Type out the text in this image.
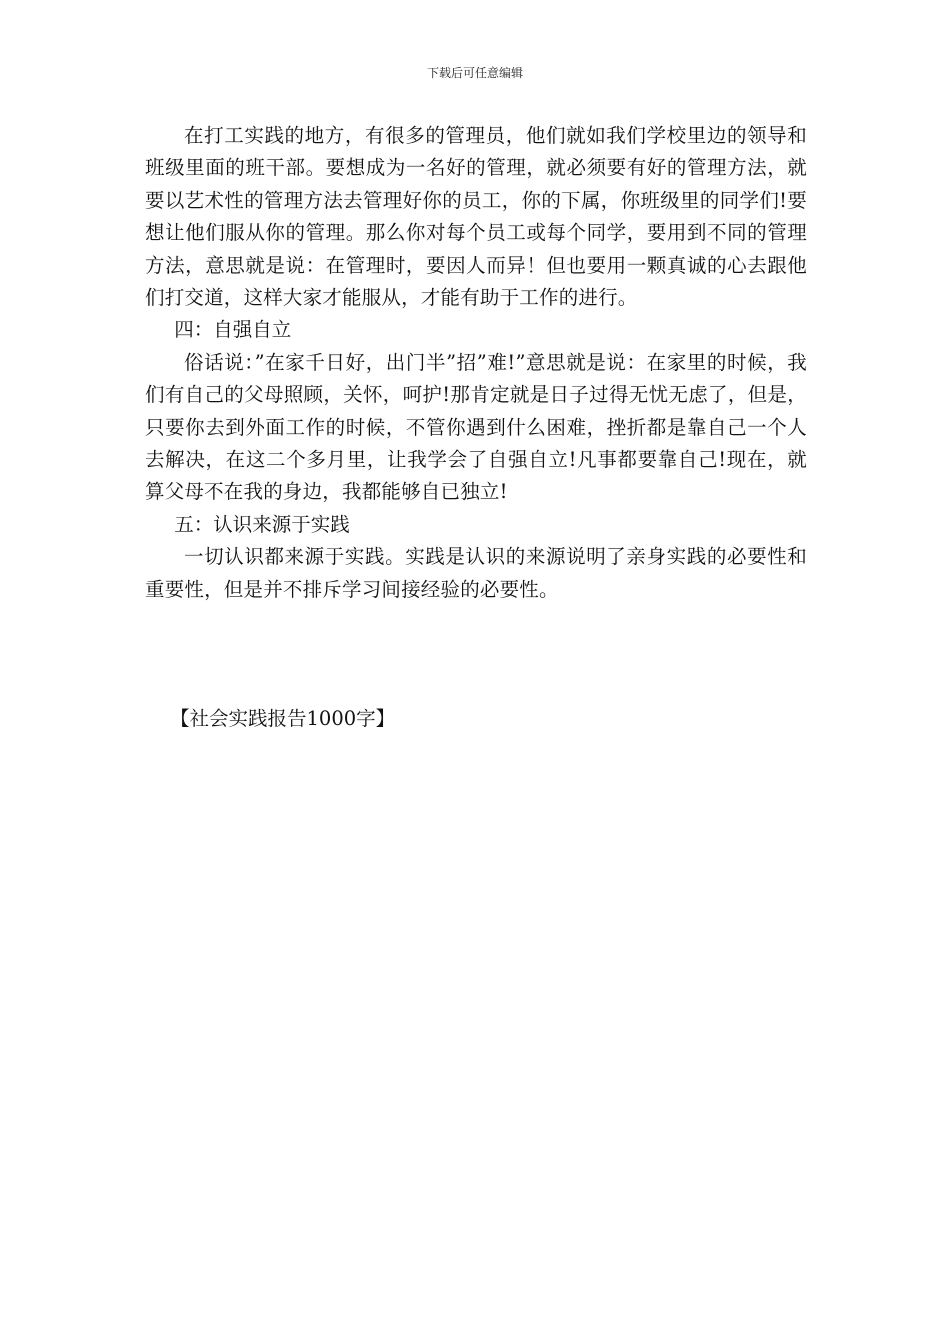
下载后可任意编辑

在打工实践的地方，有很多的管理员，他们就如我们学校里边的领导和班级里面的班干部。要想成为一名好的管理，就必须要有好的管理方法，就要以艺术性的管理方法去管理好你的员工，你的下属，你班级里的同学们!要想让他们服从你的管理。那么你对每个员工或每个同学，要用到不同的管理方法，意思就是说：在管理时，要因人而异！但也要用一颗真诚的心去跟他们打交道，这样大家才能服从，才能有助于工作的进行。

四：自强自立

俗话说：”在家千日好，出门半”招”难!”意思就是说：在家里的时候，我们有自己的父母照顾，关怀，呵护!那肯定就是日子过得无忧无虑了，但是，只要你去到外面工作的时候，不管你遇到什么困难，挫折都是靠自己一个人去解决，在这二个多月里，让我学会了自强自立!凡事都要靠自己!现在，就算父母不在我的身边，我都能够自已独立!

五：认识来源于实践

一切认识都来源于实践。实践是认识的来源说明了亲身实践的必要性和重要性，但是并不排斥学习间接经验的必要性。

【社会实践报告1000字】
